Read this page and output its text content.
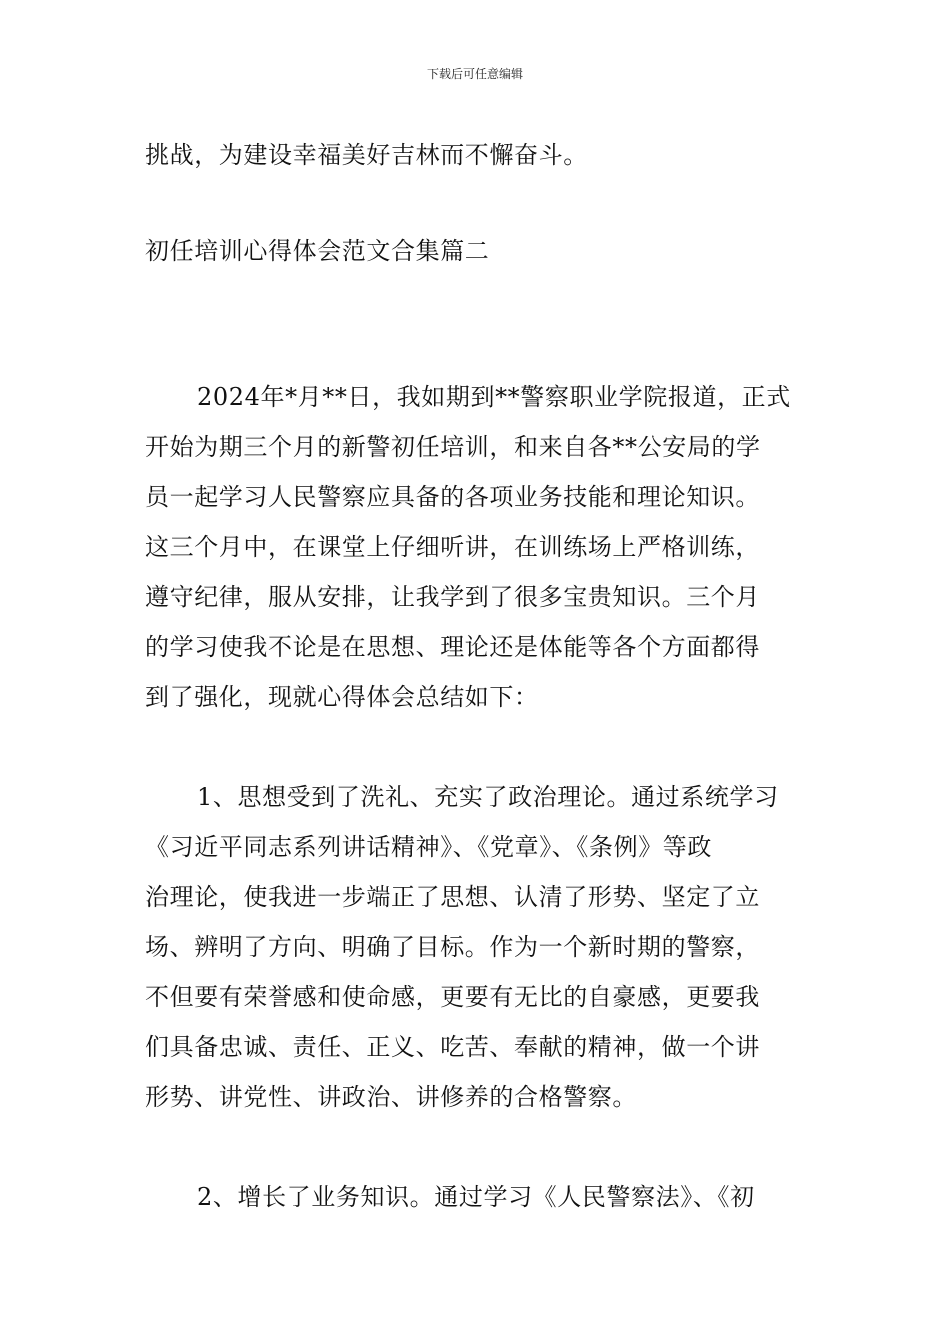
下载后可任意编辑

挑战，为建设幸福美好吉林而不懈奋斗。

初任培训心得体会范文合集篇二

2024年*月**日，我如期到**警察职业学院报道，正式
开始为期三个月的新警初任培训，和来自各**公安局的学
员一起学习人民警察应具备的各项业务技能和理论知识。
这三个月中，在课堂上仔细听讲，在训练场上严格训练，
遵守纪律，服从安排，让我学到了很多宝贵知识。三个月
的学习使我不论是在思想、理论还是体能等各个方面都得
到了强化，现就心得体会总结如下：

1、思想受到了洗礼、充实了政治理论。通过系统学习
《习近平同志系列讲话精神》、《党章》、《条例》等政
治理论，使我进一步端正了思想、认清了形势、坚定了立
场、辨明了方向、明确了目标。作为一个新时期的警察，
不但要有荣誉感和使命感，更要有无比的自豪感，更要我
们具备忠诚、责任、正义、吃苦、奉献的精神，做一个讲
形势、讲党性、讲政治、讲修养的合格警察。

2、增长了业务知识。通过学习《人民警察法》、《初
